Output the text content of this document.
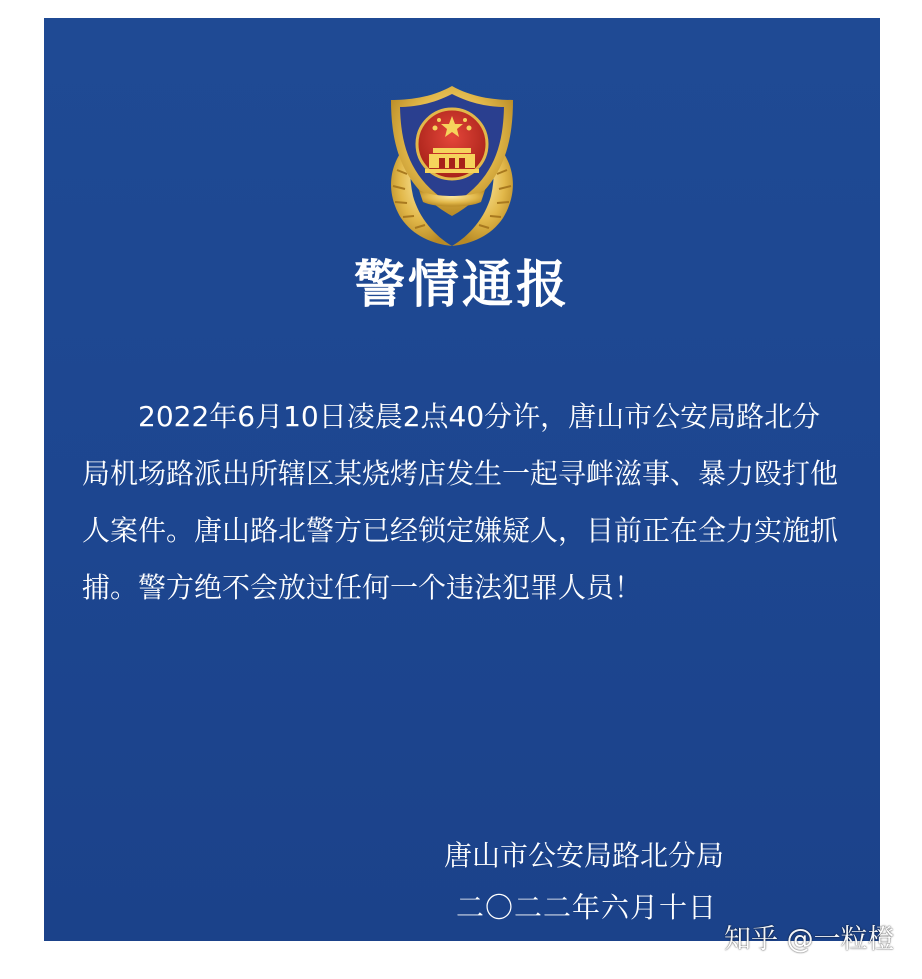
警情通报

2022年6月10日凌晨2点40分许，唐山市公安局路北分局机场路派出所辖区某烧烤店发生一起寻衅滋事、暴力殴打他人案件。唐山路北警方已经锁定嫌疑人，目前正在全力实施抓捕。警方绝不会放过任何一个违法犯罪人员！

唐山市公安局路北分局
二〇二二年六月十日
知乎 @一粒橙
